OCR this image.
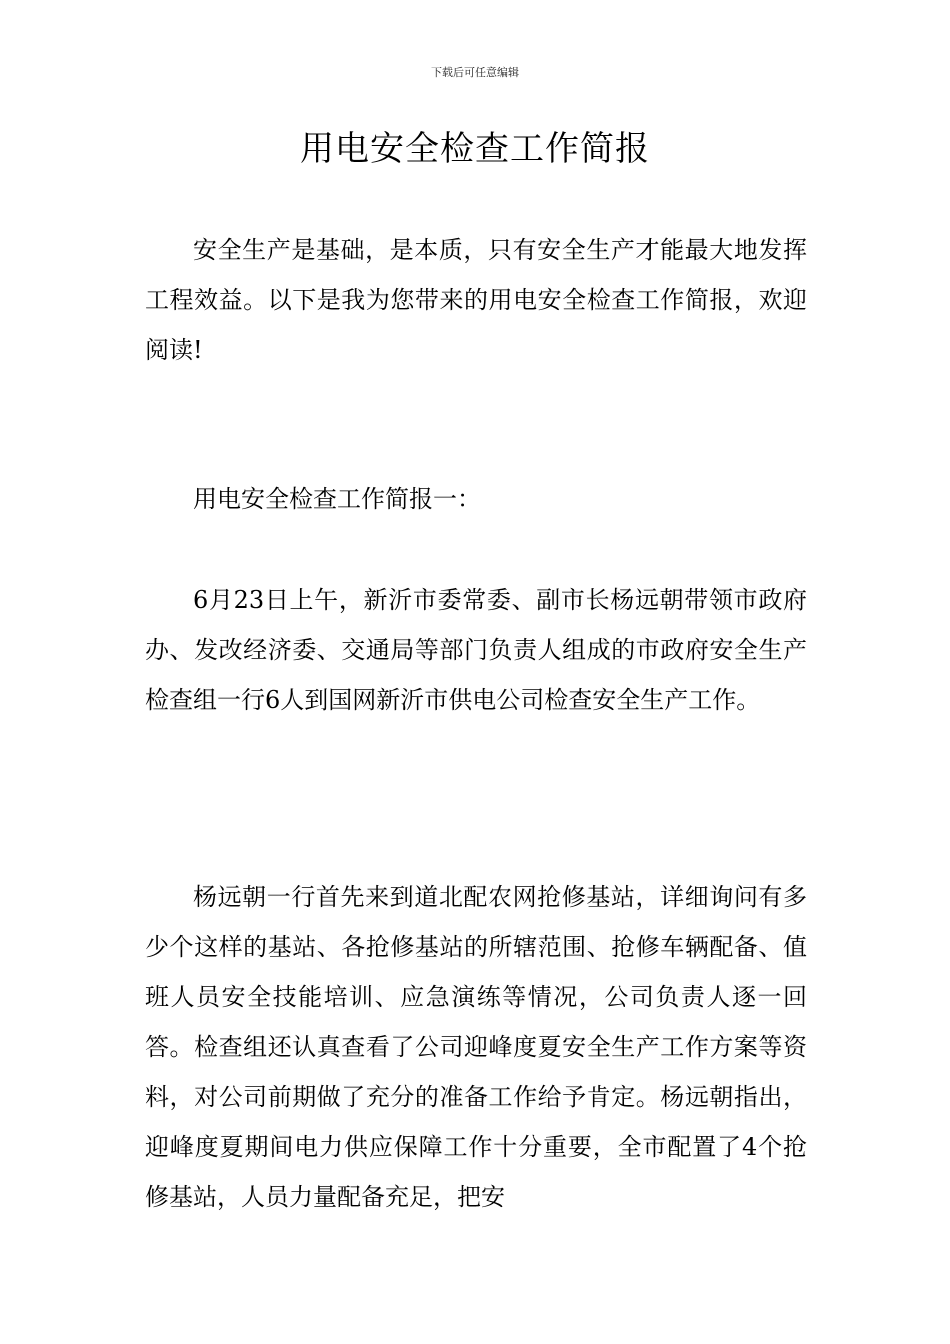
下载后可任意编辑
用电安全检查工作简报

安全生产是基础，是本质，只有安全生产才能最大地发挥工程效益。以下是我为您带来的用电安全检查工作简报，欢迎阅读!

用电安全检查工作简报一：

6月23日上午，新沂市委常委、副市长杨远朝带领市政府办、发改经济委、交通局等部门负责人组成的市政府安全生产检查组一行6人到国网新沂市供电公司检查安全生产工作。

杨远朝一行首先来到道北配农网抢修基站，详细询问有多少个这样的基站、各抢修基站的所辖范围、抢修车辆配备、值班人员安全技能培训、应急演练等情况，公司负责人逐一回答。检查组还认真查看了公司迎峰度夏安全生产工作方案等资料，对公司前期做了充分的准备工作给予肯定。杨远朝指出，迎峰度夏期间电力供应保障工作十分重要，全市配置了4个抢修基站，人员力量配备充足，把安
